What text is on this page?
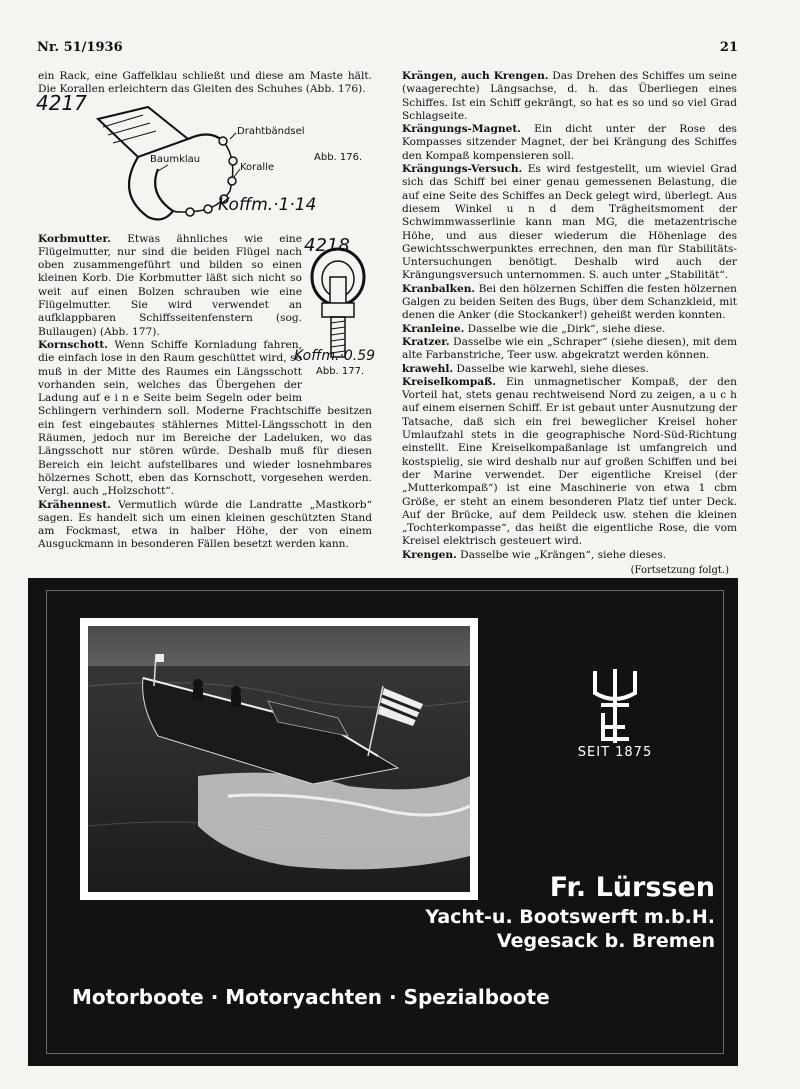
Nr. 51/1936	21

ein Rack, eine Gaffelklau schließt und diese am Maste hält. Die Korallen erleichtern das Gleiten des Schuhes (Abb. 176).

Drahtbändsel
Baumklau
Koralle
Abb. 176.
4217
Koffm.·1·14
4218
Abb. 177.
Koffm.·0.59

Korbmutter. Etwas ähnliches wie eine Flügelmutter, nur sind die beiden Flügel nach oben zusammengeführt und bilden so einen kleinen Korb. Die Korbmutter läßt sich nicht so weit auf einen Bolzen schrauben wie eine Flügelmutter. Sie wird verwendet an aufklappbaren Schiffsseitenfenstern (sog. Bullaugen) (Abb. 177).

Kornschott. Wenn Schiffe Kornladung fahren, die einfach lose in den Raum geschüttet wird, so muß in der Mitte des Raumes ein Längsschott vorhanden sein, welches das Übergehen der Ladung auf e i n e Seite beim Segeln oder beim Schlingern verhindern soll. Moderne Frachtschiffe besitzen ein fest eingebautes stählernes Mittel-Längsschott in den Räumen, jedoch nur im Bereiche der Ladeluken, wo das Längsschott nur stören würde. Deshalb muß für diesen Bereich ein leicht aufstellbares und wieder losnehmbares hölzernes Schott, eben das Kornschott, vorgesehen werden. Vergl. auch „Holzschott“.

Krähennest. Vermutlich würde die Landratte „Mastkorb“ sagen. Es handelt sich um einen kleinen geschützten Stand am Fockmast, etwa in halber Höhe, der von einem Ausguckmann in besonderen Fällen besetzt werden kann.

Krängen, auch Krengen. Das Drehen des Schiffes um seine (waagerechte) Längsachse, d. h. das Überliegen eines Schiffes. Ist ein Schiff gekrängt, so hat es so und so viel Grad Schlagseite.

Krängungs-Magnet. Ein dicht unter der Rose des Kompasses sitzender Magnet, der bei Krängung des Schiffes den Kompaß kompensieren soll.

Krängungs-Versuch. Es wird festgestellt, um wieviel Grad sich das Schiff bei einer genau gemessenen Belastung, die auf eine Seite des Schiffes an Deck gelegt wird, überlegt. Aus diesem Winkel u n d dem Trägheitsmoment der Schwimmwasserlinie kann man MG, die metazentrische Höhe, und aus dieser wiederum die Höhenlage des Gewichtsschwerpunktes errechnen, den man für Stabilitäts-Untersuchungen benötigt. Deshalb wird auch der Krängungsversuch unternommen. S. auch unter „Stabilität“.

Kranbalken. Bei den hölzernen Schiffen die festen hölzernen Galgen zu beiden Seiten des Bugs, über dem Schanzkleid, mit denen die Anker (die Stockanker!) geheißt werden konnten.

Kranleine. Dasselbe wie die „Dirk“, siehe diese.

Kratzer. Dasselbe wie ein „Schraper“ (siehe diesen), mit dem alte Farbanstriche, Teer usw. abgekratzt werden können.

krawehl. Dasselbe wie karwehl, siehe dieses.

Kreiselkompaß. Ein unmagnetischer Kompaß, der den Vorteil hat, stets genau rechtweisend Nord zu zeigen, a u c h auf einem eisernen Schiff. Er ist gebaut unter Ausnutzung der Tatsache, daß sich ein frei beweglicher Kreisel hoher Umlaufzahl stets in die geographische Nord-Süd-Richtung einstellt. Eine Kreiselkompaßanlage ist umfangreich und kostspielig, sie wird deshalb nur auf großen Schiffen und bei der Marine verwendet. Der eigentliche Kreisel (der „Mutterkompaß“) ist eine Maschinerie von etwa 1 cbm Größe, er steht an einem besonderen Platz tief unter Deck. Auf der Brücke, auf dem Peildeck usw. stehen die kleinen „Tochterkompasse“, das heißt die eigentliche Rose, die vom Kreisel elektrisch gesteuert wird.

Krengen. Dasselbe wie „Krängen“, siehe dieses.

(Fortsetzung folgt.)
SEIT 1875
Fr. Lürssen
Yacht-u. Bootswerft m.b.H.
Vegesack b. Bremen
Motorboote · Motoryachten · Spezialboote
